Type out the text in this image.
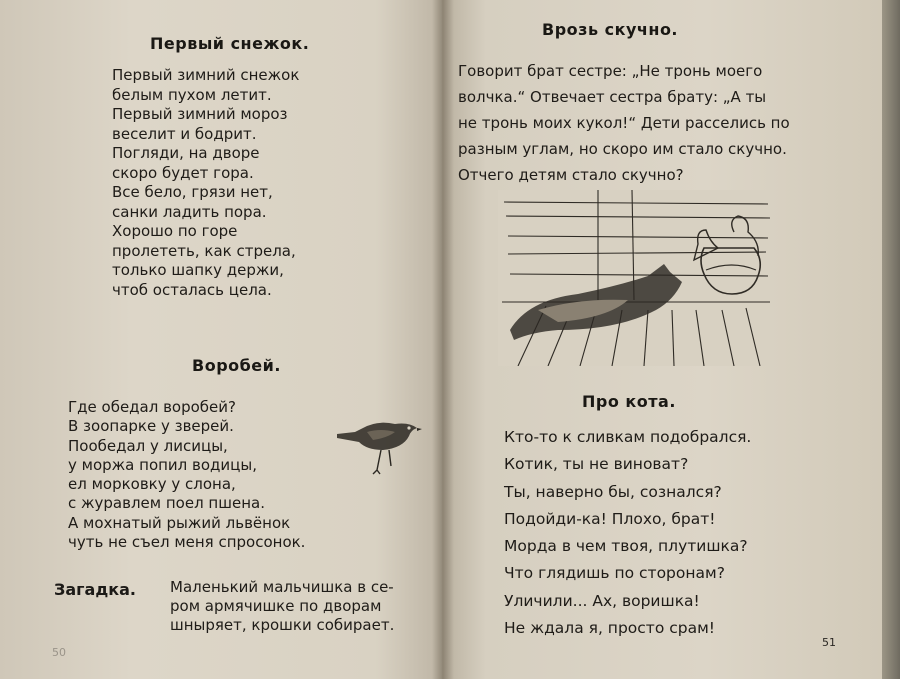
Первый снежок.
Первый зимний снежок
белым пухом летит.
Первый зимний мороз
веселит и бодрит.
Погляди, на дворе
скоро будет гора.
Все бело, грязи нет,
санки ладить пора.
Хорошо по горе
пролететь, как стрела,
только шапку держи,
чтоб осталась цела.
Воробей.
Где обедал воробей?
В зоопарке у зверей.
Пообедал у лисицы,
у моржа попил водицы,
ел морковку у слона,
с журавлем поел пшена.
А мохнатый рыжий львёнок
чуть не съел меня спросонок.
Загадка. Маленький мальчишка в се-
ром армячишке по дворам
шныряет, крошки собирает.
50
Врозь скучно.
Говорит брат сестре: „Не тронь моего
волчка.“ Отвечает сестра брату: „А ты
не тронь моих кукол!“ Дети расселись по
разным углам, но скоро им стало скучно.
Отчего детям стало скучно?
Про кота.
Кто-то к сливкам подобрался.
Котик, ты не виноват?
Ты, наверно бы, сознался?
Подойди-ка! Плохо, брат!
Морда в чем твоя, плутишка?
Что глядишь по сторонам?
Уличили... Ах, воришка!
Не ждала я, просто срам!
51
